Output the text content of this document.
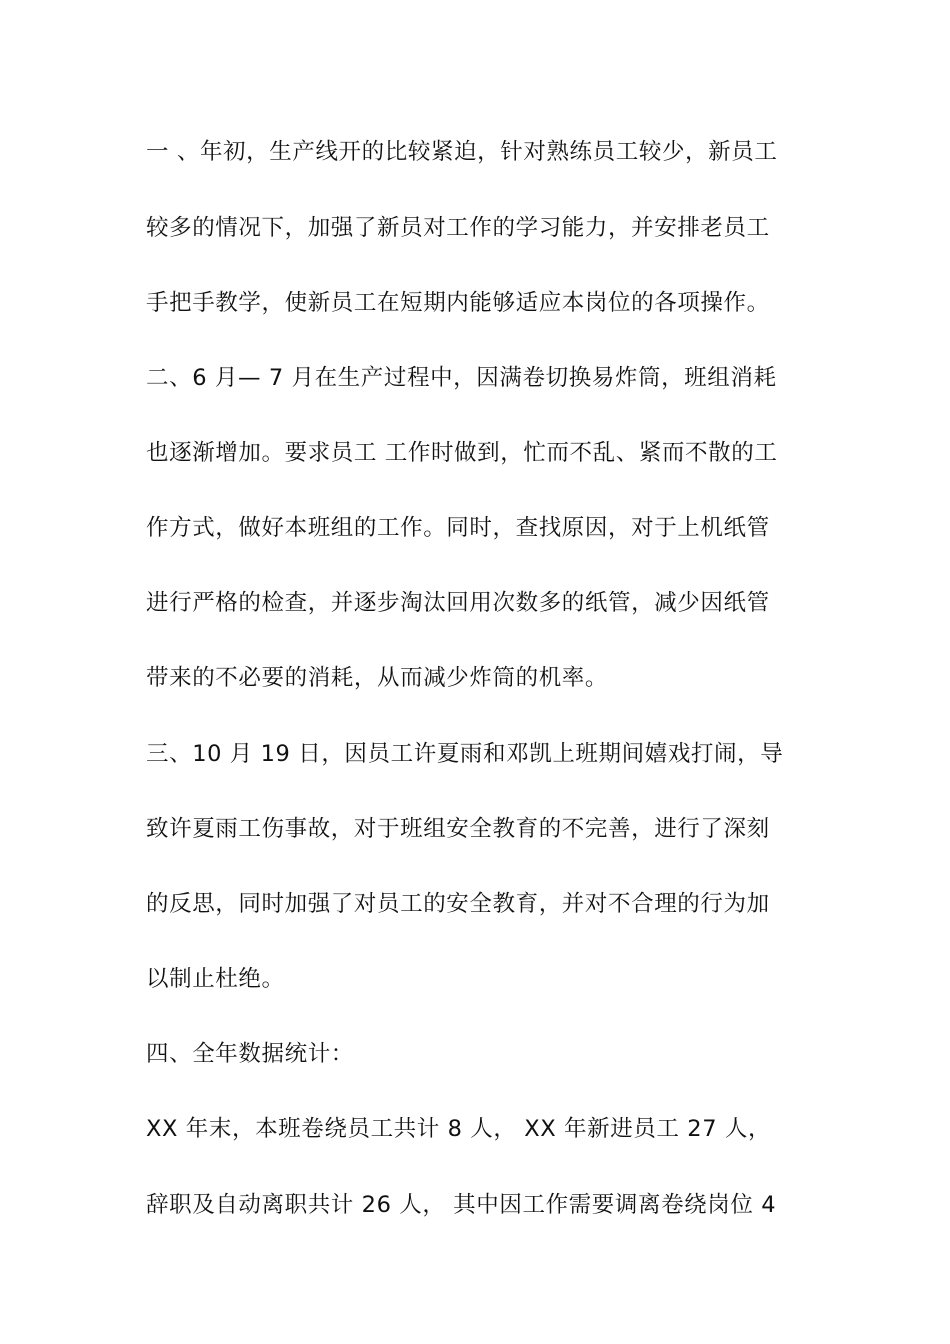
一 、年初，生产线开的比较紧迫，针对熟练员工较少，新员工
较多的情况下，加强了新员对工作的学习能力，并安排老员工
手把手教学，使新员工在短期内能够适应本岗位的各项操作。
二、6 月— 7 月在生产过程中，因满卷切换易炸筒，班组消耗
也逐渐增加。要求员工 工作时做到，忙而不乱、紧而不散的工
作方式，做好本班组的工作。同时，查找原因，对于上机纸管
进行严格的检查，并逐步淘汰回用次数多的纸管，减少因纸管
带来的不必要的消耗，从而减少炸筒的机率。
三、10 月 19 日，因员工许夏雨和邓凯上班期间嬉戏打闹，导
致许夏雨工伤事故，对于班组安全教育的不完善，进行了深刻
的反思，同时加强了对员工的安全教育，并对不合理的行为加
以制止杜绝。
四、全年数据统计：
XX 年末，本班卷绕员工共计 8 人， XX 年新进员工 27 人，
辞职及自动离职共计 26 人， 其中因工作需要调离卷绕岗位 4
